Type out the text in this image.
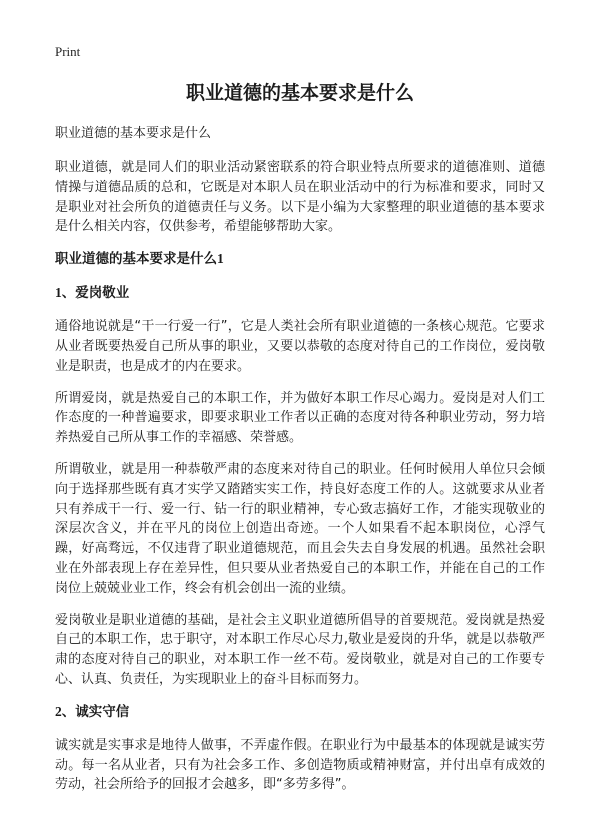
Print
职业道德的基本要求是什么

职业道德的基本要求是什么

职业道德，就是同人们的职业活动紧密联系的符合职业特点所要求的道德准则、道德情操与道德品质的总和，它既是对本职人员在职业活动中的行为标准和要求，同时又是职业对社会所负的道德责任与义务。以下是小编为大家整理的职业道德的基本要求是什么相关内容，仅供参考，希望能够帮助大家。

职业道德的基本要求是什么1
1、爱岗敬业

通俗地说就是“干一行爱一行”，它是人类社会所有职业道德的一条核心规范。它要求从业者既要热爱自己所从事的职业，又要以恭敬的态度对待自己的工作岗位，爱岗敬业是职责，也是成才的内在要求。

所谓爱岗，就是热爱自己的本职工作，并为做好本职工作尽心竭力。爱岗是对人们工作态度的一种普遍要求，即要求职业工作者以正确的态度对待各种职业劳动，努力培养热爱自己所从事工作的幸福感、荣誉感。

所谓敬业，就是用一种恭敬严肃的态度来对待自己的职业。任何时候用人单位只会倾向于选择那些既有真才实学又踏踏实实工作，持良好态度工作的人。这就要求从业者只有养成干一行、爱一行、钻一行的职业精神，专心致志搞好工作，才能实现敬业的深层次含义，并在平凡的岗位上创造出奇迹。一个人如果看不起本职岗位，心浮气躁，好高骛远，不仅违背了职业道德规范，而且会失去自身发展的机遇。虽然社会职业在外部表现上存在差异性，但只要从业者热爱自己的本职工作，并能在自己的工作岗位上兢兢业业工作，终会有机会创出一流的业绩。

爱岗敬业是职业道德的基础，是社会主义职业道德所倡导的首要规范。爱岗就是热爱自己的本职工作，忠于职守，对本职工作尽心尽力,敬业是爱岗的升华，就是以恭敬严肃的态度对待自己的职业，对本职工作一丝不苟。爱岗敬业，就是对自己的工作要专心、认真、负责任，为实现职业上的奋斗目标而努力。

2、诚实守信

诚实就是实事求是地待人做事，不弄虚作假。在职业行为中最基本的体现就是诚实劳动。每一名从业者，只有为社会多工作、多创造物质或精神财富，并付出卓有成效的劳动，社会所给予的回报才会越多，即“多劳多得”。
